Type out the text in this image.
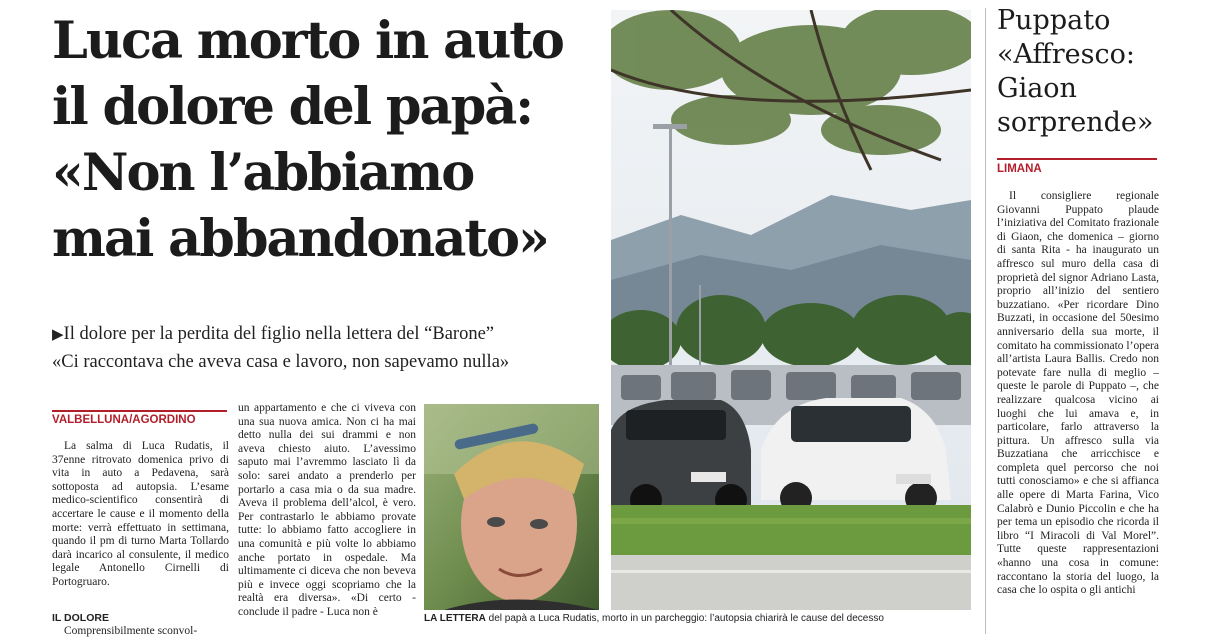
Luca morto in auto
il dolore del papà:
«Non l’abbiamo
mai abbandonato»
▶Il dolore per la perdita del figlio nella lettera del “Barone”
«Ci raccontava che aveva casa e lavoro, non sapevamo nulla»
VALBELLUNA/AGORDINO

La salma di Luca Rudatis, il 37enne ritrovato domenica privo di vita in auto a Pedavena, sarà sottoposta ad autopsia. L’esame medico-scientifico consentirà di accertare le cause e il momento della morte: verrà effettuato in settimana, quando il pm di turno Marta Tollardo darà incarico al consulente, il medico legale Antonello Cirnelli di Portogruaro.

IL DOLORE

Comprensibilmente sconvol-

un appartamento e che ci viveva con una sua nuova amica. Non ci ha mai detto nulla dei sui drammi e non aveva chiesto aiuto. L’avessimo saputo mai l’avremmo lasciato lì da solo: sarei andato a prenderlo per portarlo a casa mia o da sua madre. Aveva il problema dell’alcol, è vero. Per contrastarlo le abbiamo provate tutte: lo abbiamo fatto accogliere in una comunità e più volte lo abbiamo anche portato in ospedale. Ma ultimamente ci diceva che non beveva più e invece oggi scopriamo che la realtà era diversa». «Di certo - conclude il padre - Luca non è
LA LETTERA del papà a Luca Rudatis, morto in un parcheggio: l’autopsia chiarirà le cause del decesso
Puppato
«Affresco:
Giaon
sorprende»
LIMANA

Il consigliere regionale Giovanni Puppato plaude l’iniziativa del Comitato frazionale di Giaon, che domenica – giorno di santa Rita - ha inaugurato un affresco sul muro della casa di proprietà del signor Adriano Lasta, proprio all’inizio del sentiero buzzatiano. «Per ricordare Dino Buzzati, in occasione del 50esimo anniversario della sua morte, il comitato ha commissionato l’opera all’artista Laura Ballis. Credo non potevate fare nulla di meglio – queste le parole di Puppato –, che realizzare qualcosa vicino ai luoghi che lui amava e, in particolare, farlo attraverso la pittura. Un affresco sulla via Buzzatiana che arricchisce e completa quel percorso che noi tutti conosciamo» e che si affianca alle opere di Marta Farina, Vico Calabrò e Dunio Piccolin e che ha per tema un episodio che ricorda il libro “I Miracoli di Val Morel”. Tutte queste rappresentazioni «hanno una cosa in comune: raccontano la storia del luogo, la casa che lo ospita o gli antichi
